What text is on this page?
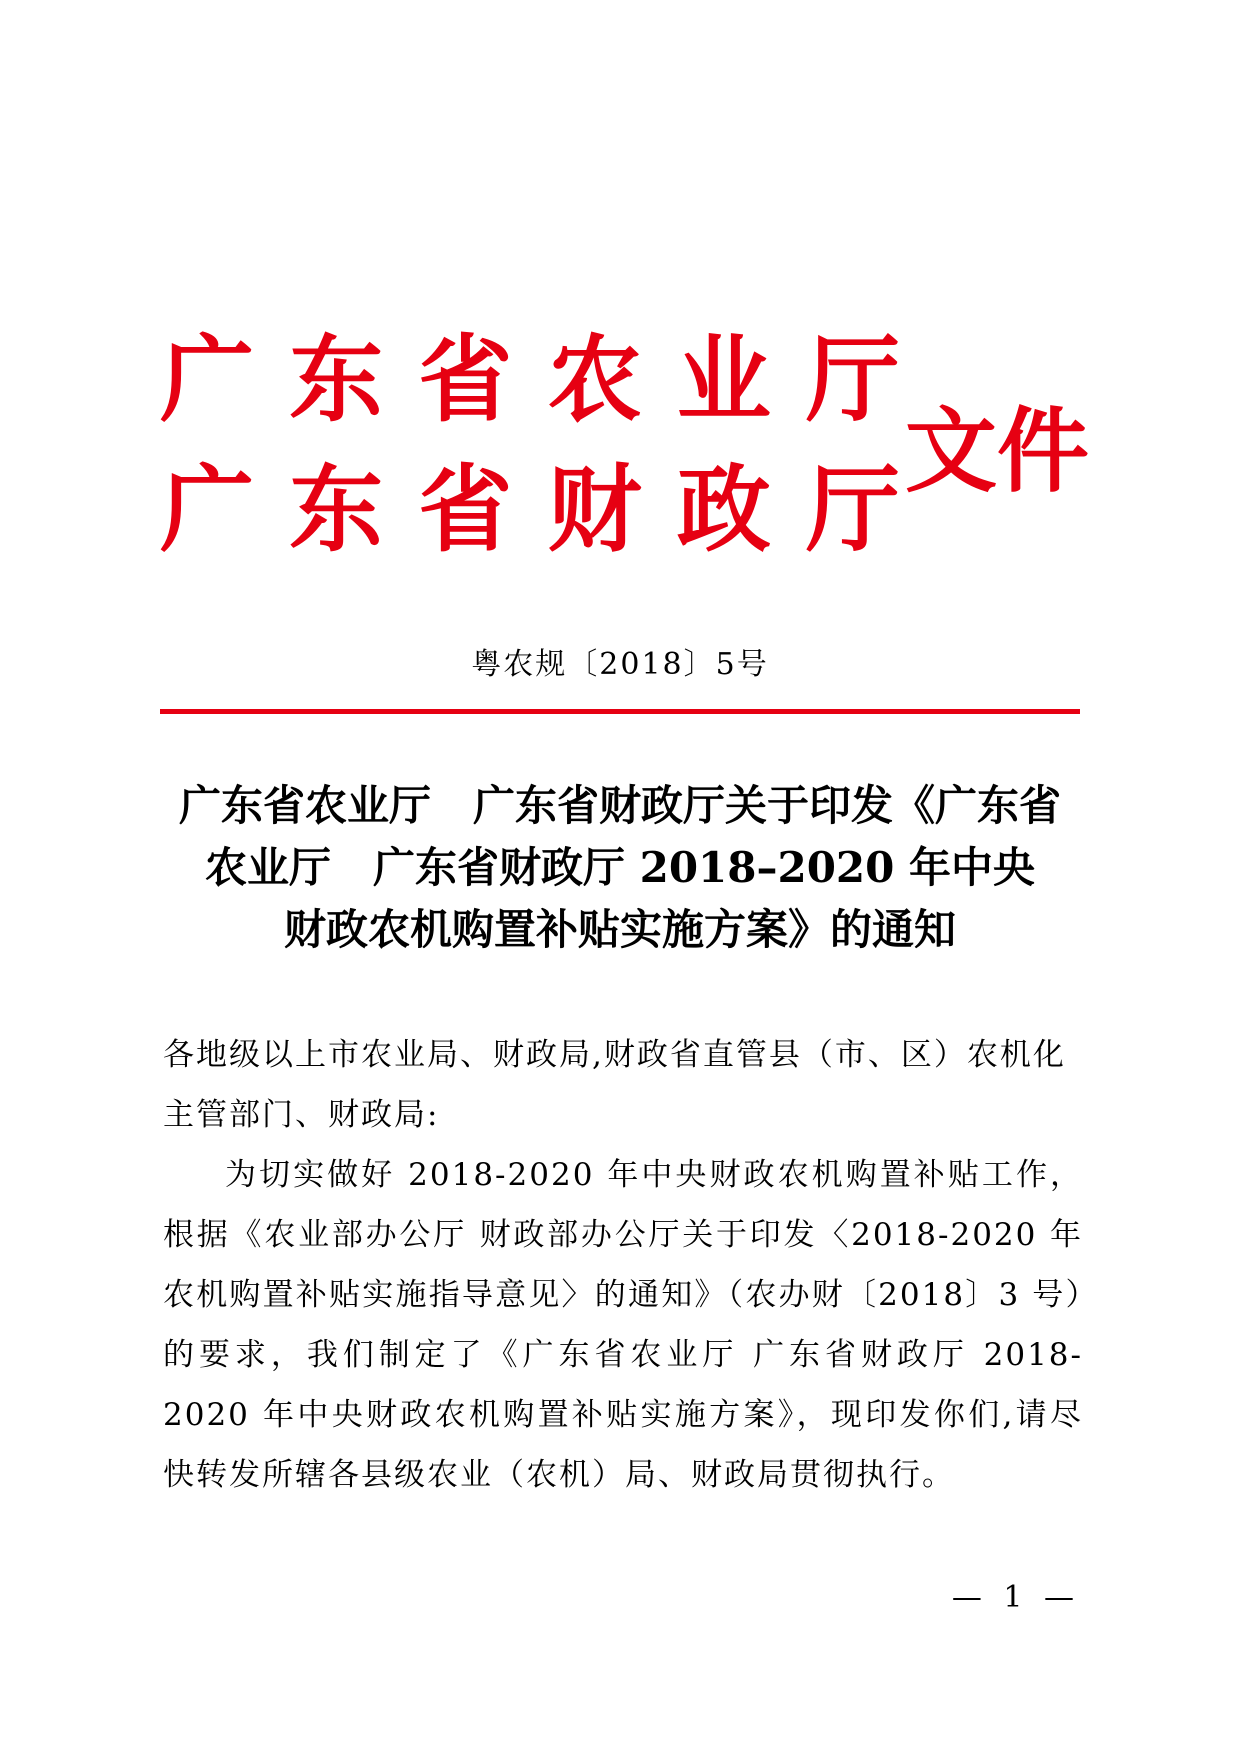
广 东 省 农 业 厅
广 东 省 财 政 厅
文件
粤农规〔2018〕5号
广东省农业厅　广东省财政厅关于印发《广东省
农业厅　广东省财政厅 2018–2020 年中央
财政农机购置补贴实施方案》的通知

各地级以上市农业局、财政局,财政省直管县（市、区）农机化主管部门、财政局:

为切实做好 2018-2020 年中央财政农机购置补贴工作，根据《农业部办公厅 财政部办公厅关于印发〈2018-2020 年农机购置补贴实施指导意见〉的通知》（农办财〔2018〕3 号）的要求，我们制定了《广东省农业厅 广东省财政厅 2018-2020 年中央财政农机购置补贴实施方案》，现印发你们,请尽快转发所辖各县级农业（农机）局、财政局贯彻执行。

— 1 —
